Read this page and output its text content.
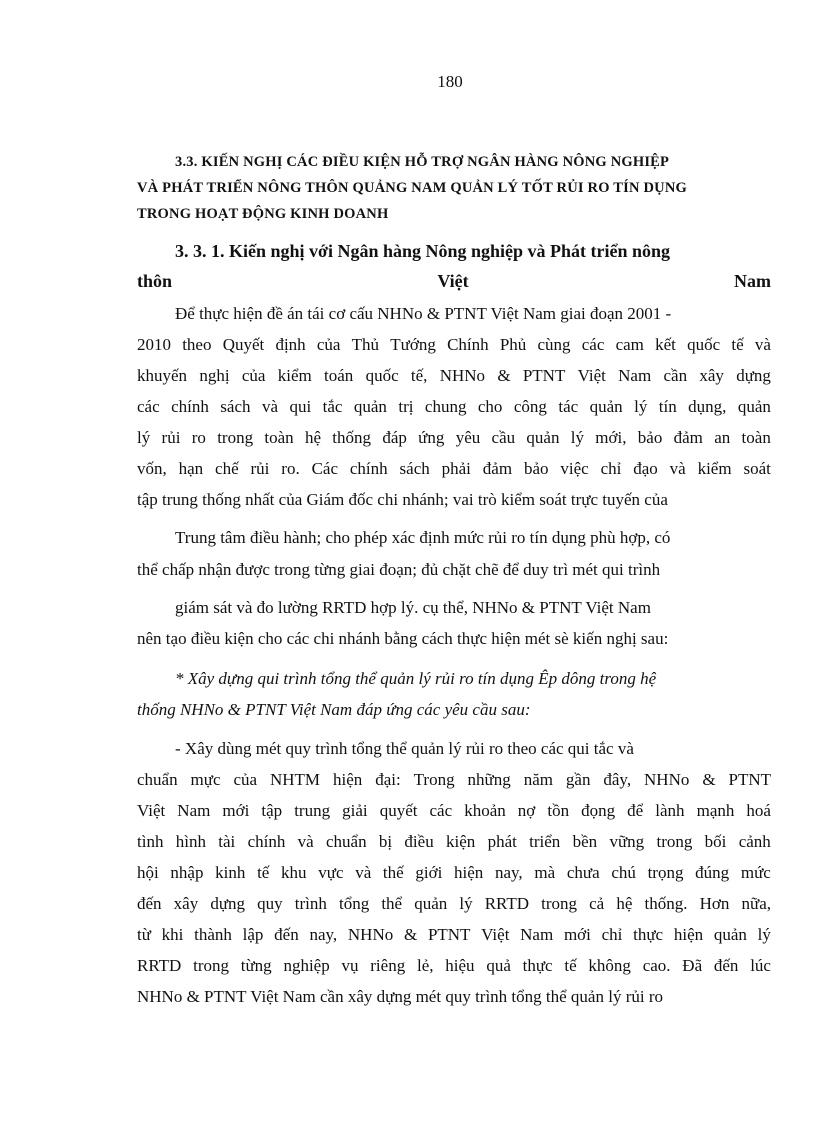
180
3.3. KIẾN NGHỊ CÁC ĐIỀU KIỆN HỖ TRỢ NGÂN HÀNG NÔNG NGHIỆP
VÀ PHÁT TRIỂN NÔNG THÔN QUẢNG NAM QUẢN LÝ TỐT RỦI RO TÍN DỤNG
TRONG HOẠT ĐỘNG KINH DOANH
3. 3. 1. Kiến nghị với Ngân hàng Nông nghiệp và Phát triển nông
thôn	Việt	Nam
Để thực hiện đề án tái cơ cấu NHNo & PTNT Việt Nam giai đoạn 2001 -
2010 theo Quyết định của Thủ Tướng Chính Phủ cùng các cam kết quốc tế và
khuyến nghị của kiểm toán quốc tế, NHNo & PTNT Việt Nam cần xây dựng
các chính sách và qui tắc quản trị chung cho công tác quản lý tín dụng, quản
lý rủi ro trong toàn hệ thống đáp ứng yêu cầu quản lý mới, bảo đảm an toàn
vốn, hạn chế rủi ro. Các chính sách phải đảm bảo việc chỉ đạo và kiểm soát
tập trung thống nhất của Giám đốc chi nhánh; vai trò kiểm soát trực tuyến của
Trung tâm điều hành; cho phép xác định mức rủi ro tín dụng phù hợp, có
thể chấp nhận được trong từng giai đoạn; đủ chặt chẽ để duy trì mét qui trình
giám sát và đo lường RRTD hợp lý. cụ thể, NHNo & PTNT Việt Nam
nên tạo điều kiện cho các chi nhánh bằng cách thực hiện mét sè kiến nghị sau:
* Xây dựng qui trình tổng thể quản lý rủi ro tín dụng Êp dông trong hệ
thống NHNo & PTNT Việt Nam đáp ứng các yêu cầu sau:
- Xây dùng mét quy trình tổng thể quản lý rủi ro theo các qui tắc và
chuẩn mực của NHTM hiện đại: Trong những năm gần đây, NHNo & PTNT
Việt Nam mới tập trung giải quyết các khoản nợ tồn đọng để lành mạnh hoá
tình hình tài chính và chuẩn bị điều kiện phát triển bền vững trong bối cảnh
hội nhập kinh tế khu vực và thế giới hiện nay, mà chưa chú trọng đúng mức
đến xây dựng quy trình tổng thể quản lý RRTD trong cả hệ thống. Hơn nữa,
từ khi thành lập đến nay, NHNo & PTNT Việt Nam mới chỉ thực hiện quản lý
RRTD trong từng nghiệp vụ riêng lẻ, hiệu quả thực tế không cao. Đã đến lúc
NHNo & PTNT Việt Nam cần xây dựng mét quy trình tổng thể quản lý rủi ro
